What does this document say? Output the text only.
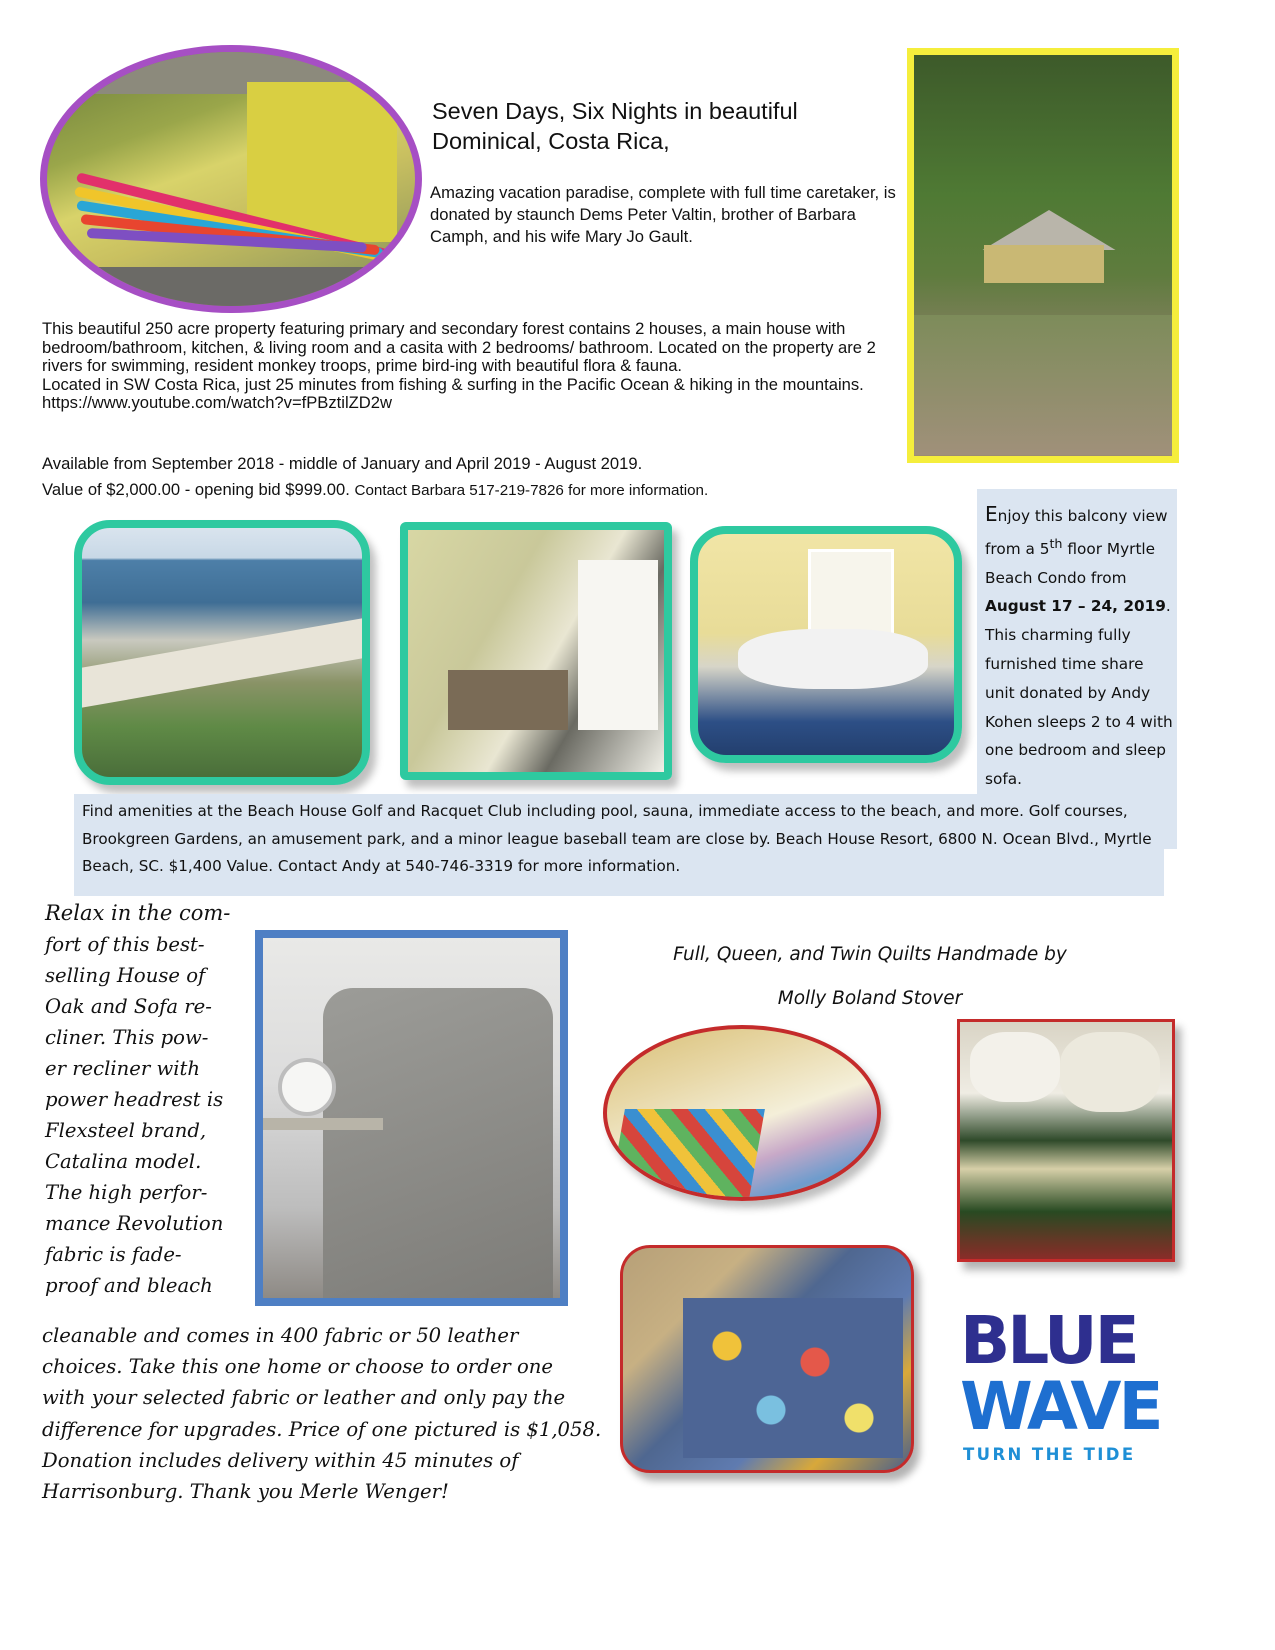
Seven Days, Six Nights in beautiful Dominical, Costa Rica,
Amazing vacation paradise, complete with full time caretaker, is donated by staunch Dems Peter Valtin, brother of Barbara Camph, and his wife Mary Jo Gault.

This beautiful 250 acre property featuring primary and secondary forest contains 2 houses, a main house with bedroom/bathroom, kitchen, & living room and a casita with 2 bedrooms/ bathroom. Located on the property are 2 rivers for swimming, resident monkey troops, prime bird-ing with beautiful flora & fauna.

Located in SW Costa Rica, just 25 minutes from fishing & surfing in the Pacific Ocean & hiking in the mountains. https://www.youtube.com/watch?v=fPBztilZD2w

Available from September 2018 - middle of January and April 2019 - August 2019.
Value of $2,000.00 - opening bid $999.00. Contact Barbara 517-219-7826 for more information.
Enjoy this balcony view from a 5th floor Myrtle Beach Condo from August 17 – 24, 2019. This charming fully furnished time share unit donated by Andy Kohen sleeps 2 to 4 with one bedroom and sleep sofa.
Find amenities at the Beach House Golf and Racquet Club including pool, sauna, immediate access to the beach, and more. Golf courses, Brookgreen Gardens, an amusement park, and a minor league baseball team are close by. Beach House Resort, 6800 N. Ocean Blvd., Myrtle Beach, SC. $1,400 Value. Contact Andy at 540-746-3319 for more information.

Relax in the com-

fort of this best-

selling House of

Oak and Sofa re-

cliner. This pow-

er recliner with

power headrest is

Flexsteel brand,

Catalina model.

The high perfor-

mance Revolution

fabric is fade-

proof and bleach

cleanable and comes in 400 fabric or 50 leather choices. Take this one home or choose to order one with your selected fabric or leather and only pay the difference for upgrades. Price of one pictured is $1,058. Donation includes delivery within 45 minutes of Harrisonburg. Thank you Merle Wenger!
Full, Queen, and Twin Quilts Handmade by
Molly Boland Stover
BLUE
WAVE
TURN THE TIDE
